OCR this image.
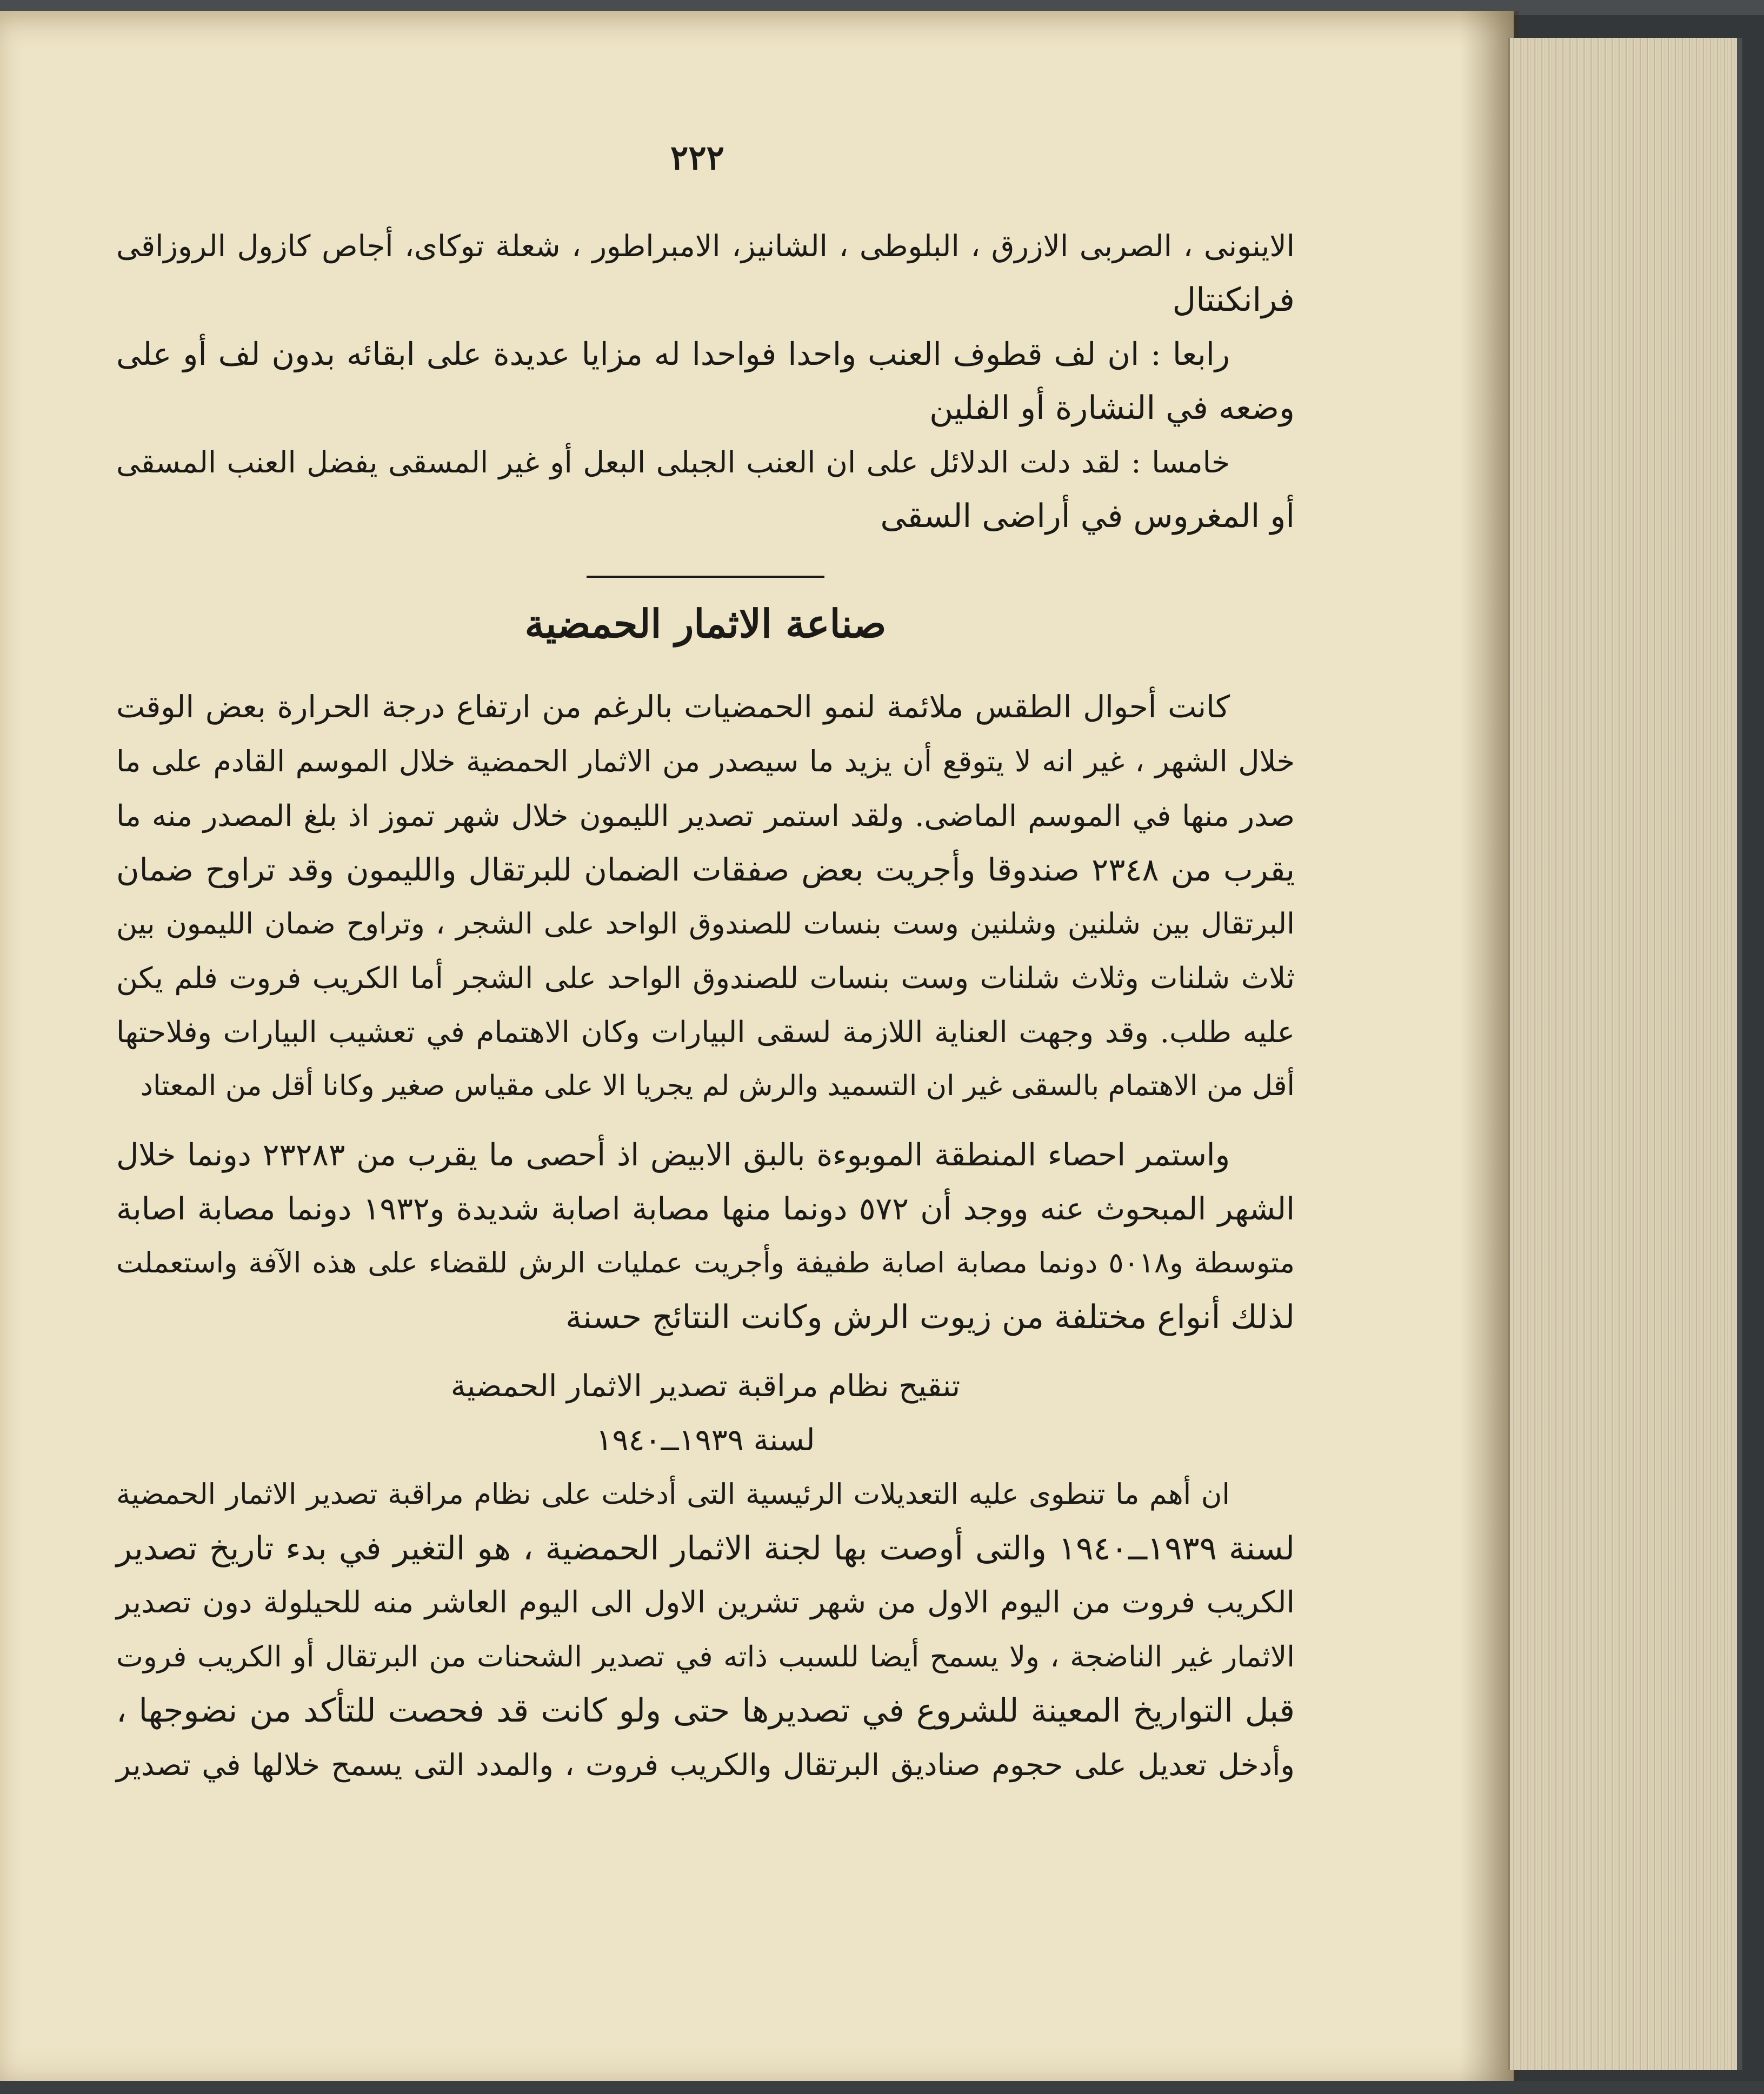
٢٢٢
الاينونى ، الصربى الازرق ، البلوطى ، الشانيز، الامبراطور ، شعلة توكاى، أجاص كازول الروزاقى
فرانكنتال
رابعا : ان لف قطوف العنب واحدا فواحدا له مزايا عديدة على ابقائه بدون لف أو على
وضعه في النشارة أو الفلين
خامسا : لقد دلت الدلائل على ان العنب الجبلى البعل أو غير المسقى يفضل العنب المسقى
أو المغروس في أراضى السقى
صناعة الاثمار الحمضية
كانت أحوال الطقس ملائمة لنمو الحمضيات بالرغم من ارتفاع درجة الحرارة بعض الوقت
خلال الشهر ، غير انه لا يتوقع أن يزيد ما سيصدر من الاثمار الحمضية خلال الموسم القادم على ما
صدر منها في الموسم الماضى. ولقد استمر تصدير الليمون خلال شهر تموز اذ بلغ المصدر منه ما
يقرب من ٢٣٤٨ صندوقا وأجريت بعض صفقات الضمان للبرتقال والليمون وقد تراوح ضمان
البرتقال بين شلنين وشلنين وست بنسات للصندوق الواحد على الشجر ، وتراوح ضمان الليمون بين
ثلاث شلنات وثلاث شلنات وست بنسات للصندوق الواحد على الشجر أما الكريب فروت فلم يكن
عليه طلب. وقد وجهت العناية اللازمة لسقى البيارات وكان الاهتمام في تعشيب البيارات وفلاحتها
أقل من الاهتمام بالسقى غير ان التسميد والرش لم يجريا الا على مقياس صغير وكانا أقل من المعتاد
واستمر احصاء المنطقة الموبوءة بالبق الابيض اذ أحصى ما يقرب من ٢٣٢٨٣ دونما خلال
الشهر المبحوث عنه ووجد أن ٥٧٢ دونما منها مصابة اصابة شديدة و١٩٣٢ دونما مصابة اصابة
متوسطة و٥٠١٨ دونما مصابة اصابة طفيفة وأجريت عمليات الرش للقضاء على هذه الآفة واستعملت
لذلك أنواع مختلفة من زيوت الرش وكانت النتائج حسنة
تنقيح نظام مراقبة تصدير الاثمار الحمضية
لسنة ١٩٣٩ــ١٩٤٠
ان أهم ما تنطوى عليه التعديلات الرئيسية التى أدخلت على نظام مراقبة تصدير الاثمار الحمضية
لسنة ١٩٣٩ــ١٩٤٠ والتى أوصت بها لجنة الاثمار الحمضية ، هو التغير في بدء تاريخ تصدير
الكريب فروت من اليوم الاول من شهر تشرين الاول الى اليوم العاشر منه للحيلولة دون تصدير
الاثمار غير الناضجة ، ولا يسمح أيضا للسبب ذاته في تصدير الشحنات من البرتقال أو الكريب فروت
قبل التواريخ المعينة للشروع في تصديرها حتى ولو كانت قد فحصت للتأكد من نضوجها ،
وأدخل تعديل على حجوم صناديق البرتقال والكريب فروت ، والمدد التى يسمح خلالها في تصدير
